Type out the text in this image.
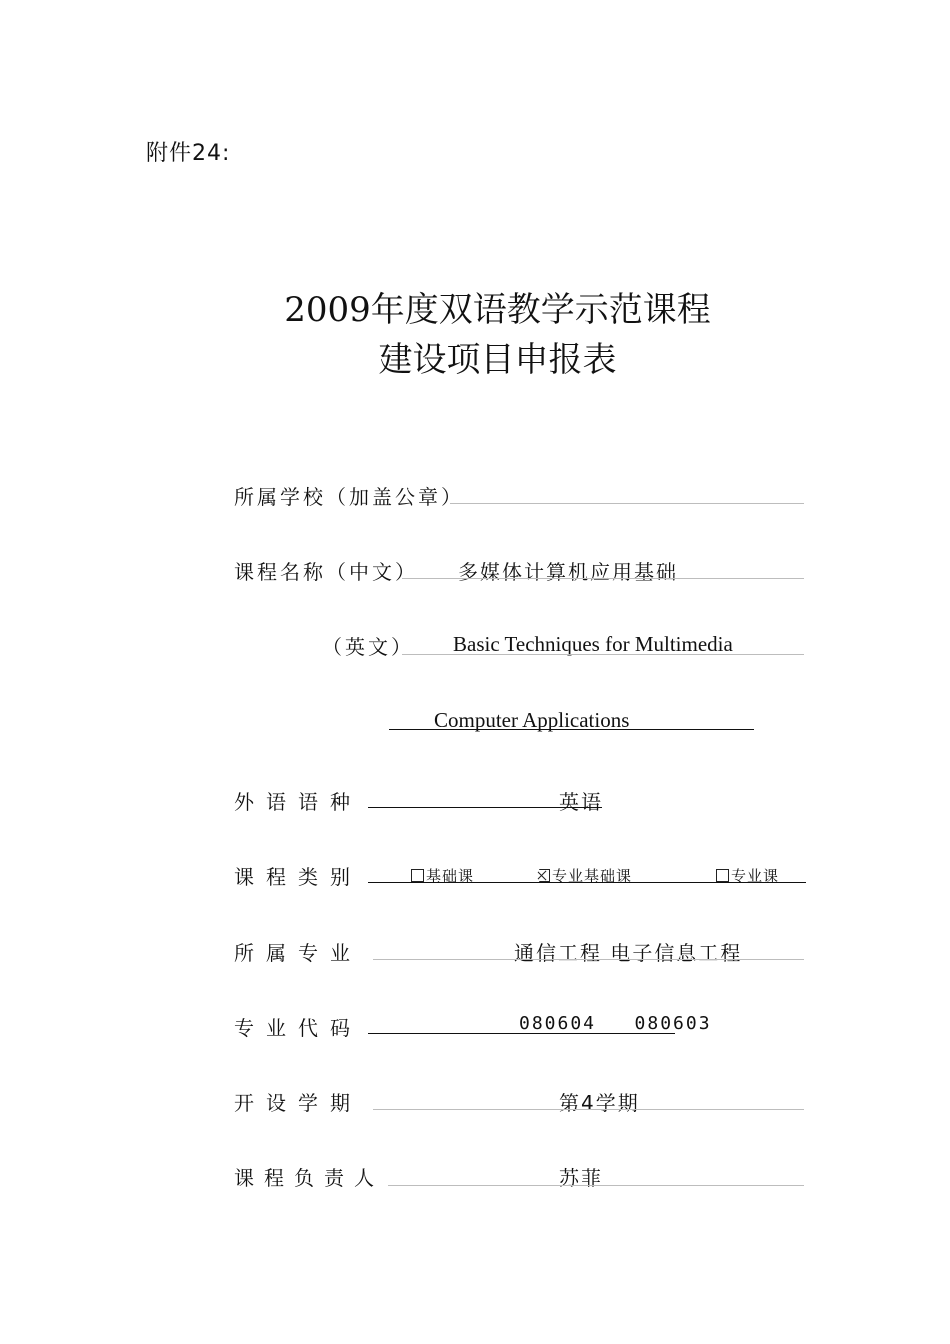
附件24:
2009年度双语教学示范课程
建设项目申报表
所属学校（加盖公章）
课程名称（中文） 多媒体计算机应用基础
（英文） Basic Techniques for Multimedia
Computer Applications
外语语种	英语
课程类别	基础课	专业基础课	专业课
所属专业	通信工程 电子信息工程
专业代码	080604   080603
开设学期	第4学期
课程负责人	苏菲
